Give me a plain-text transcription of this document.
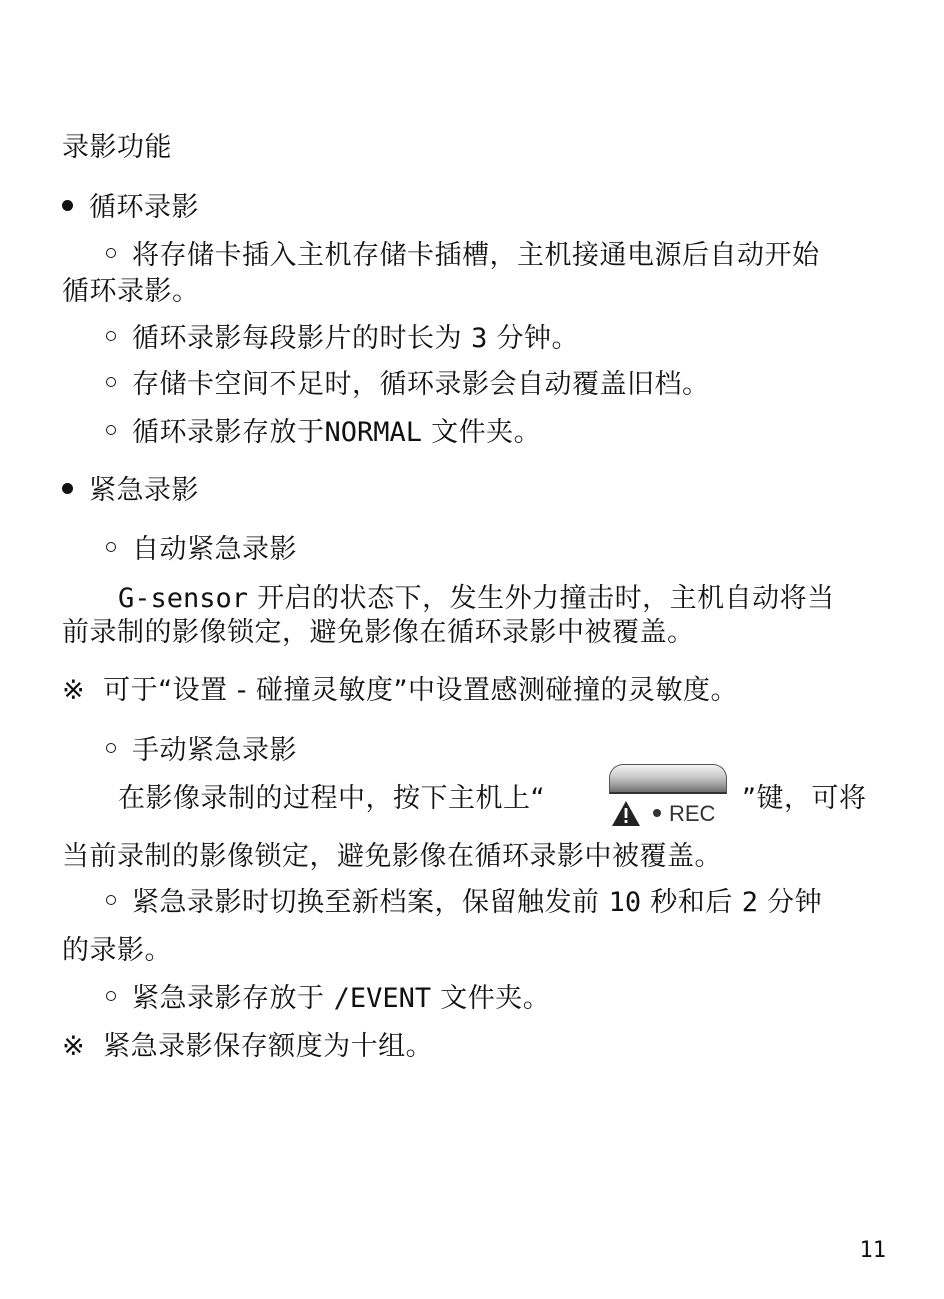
录影功能
循环录影
将存储卡插入主机存储卡插槽，主机接通电源后自动开始
循环录影。
循环录影每段影片的时长为 3 分钟。
存储卡空间不足时，循环录影会自动覆盖旧档。
循环录影存放于NORMAL 文件夹。
紧急录影
自动紧急录影
G-sensor 开启的状态下，发生外力撞击时，主机自动将当
前录制的影像锁定，避免影像在循环录影中被覆盖。
※ 可于“设置 - 碰撞灵敏度”中设置感测碰撞的灵敏度。
手动紧急录影
在影像录制的过程中，按下主机上“	REC ”键，可将
当前录制的影像锁定，避免影像在循环录影中被覆盖。
紧急录影时切换至新档案，保留触发前 10 秒和后 2 分钟
的录影。
紧急录影存放于 /EVENT 文件夹。
※ 紧急录影保存额度为十组。
11
